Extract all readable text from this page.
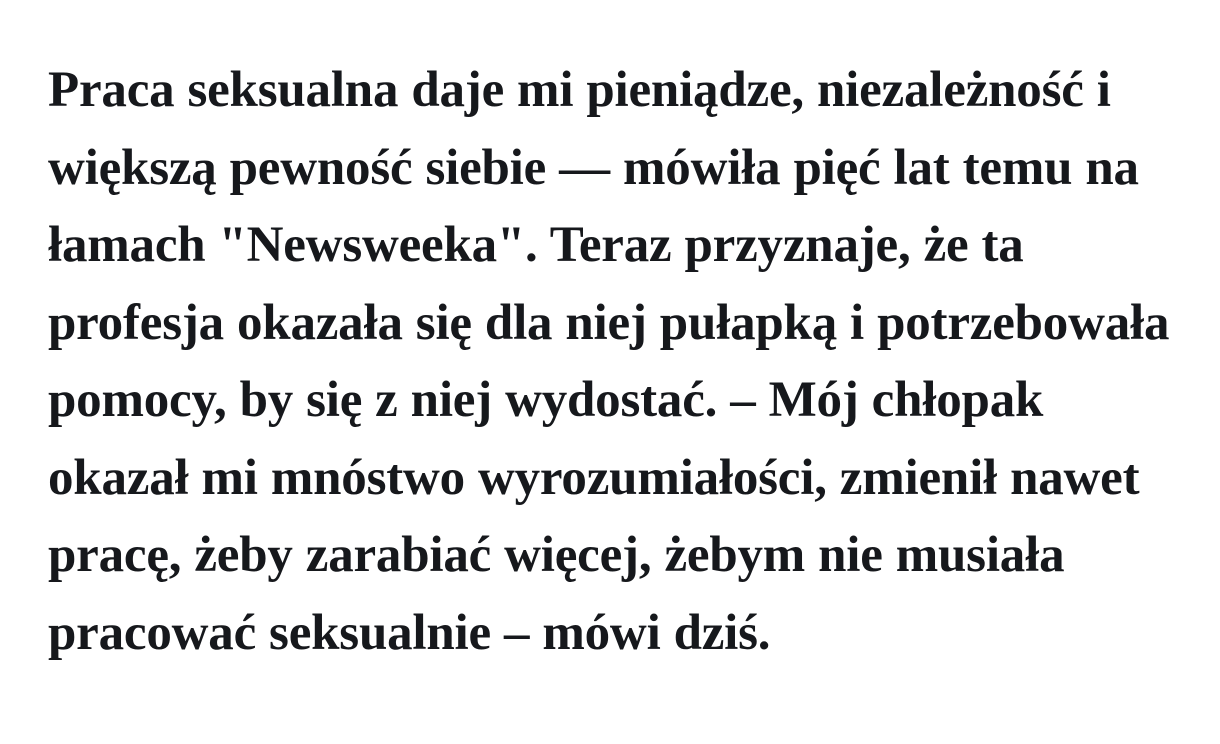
Praca seksualna daje mi pieniądze, niezależność i większą pewność siebie — mówiła pięć lat temu na łamach "Newsweeka". Teraz przyznaje, że ta profesja okazała się dla niej pułapką i potrzebowała pomocy, by się z niej wydostać. – Mój chłopak okazał mi mnóstwo wyrozumiałości, zmienił nawet pracę, żeby zarabiać więcej, żebym nie musiała pracować seksualnie – mówi dziś.
